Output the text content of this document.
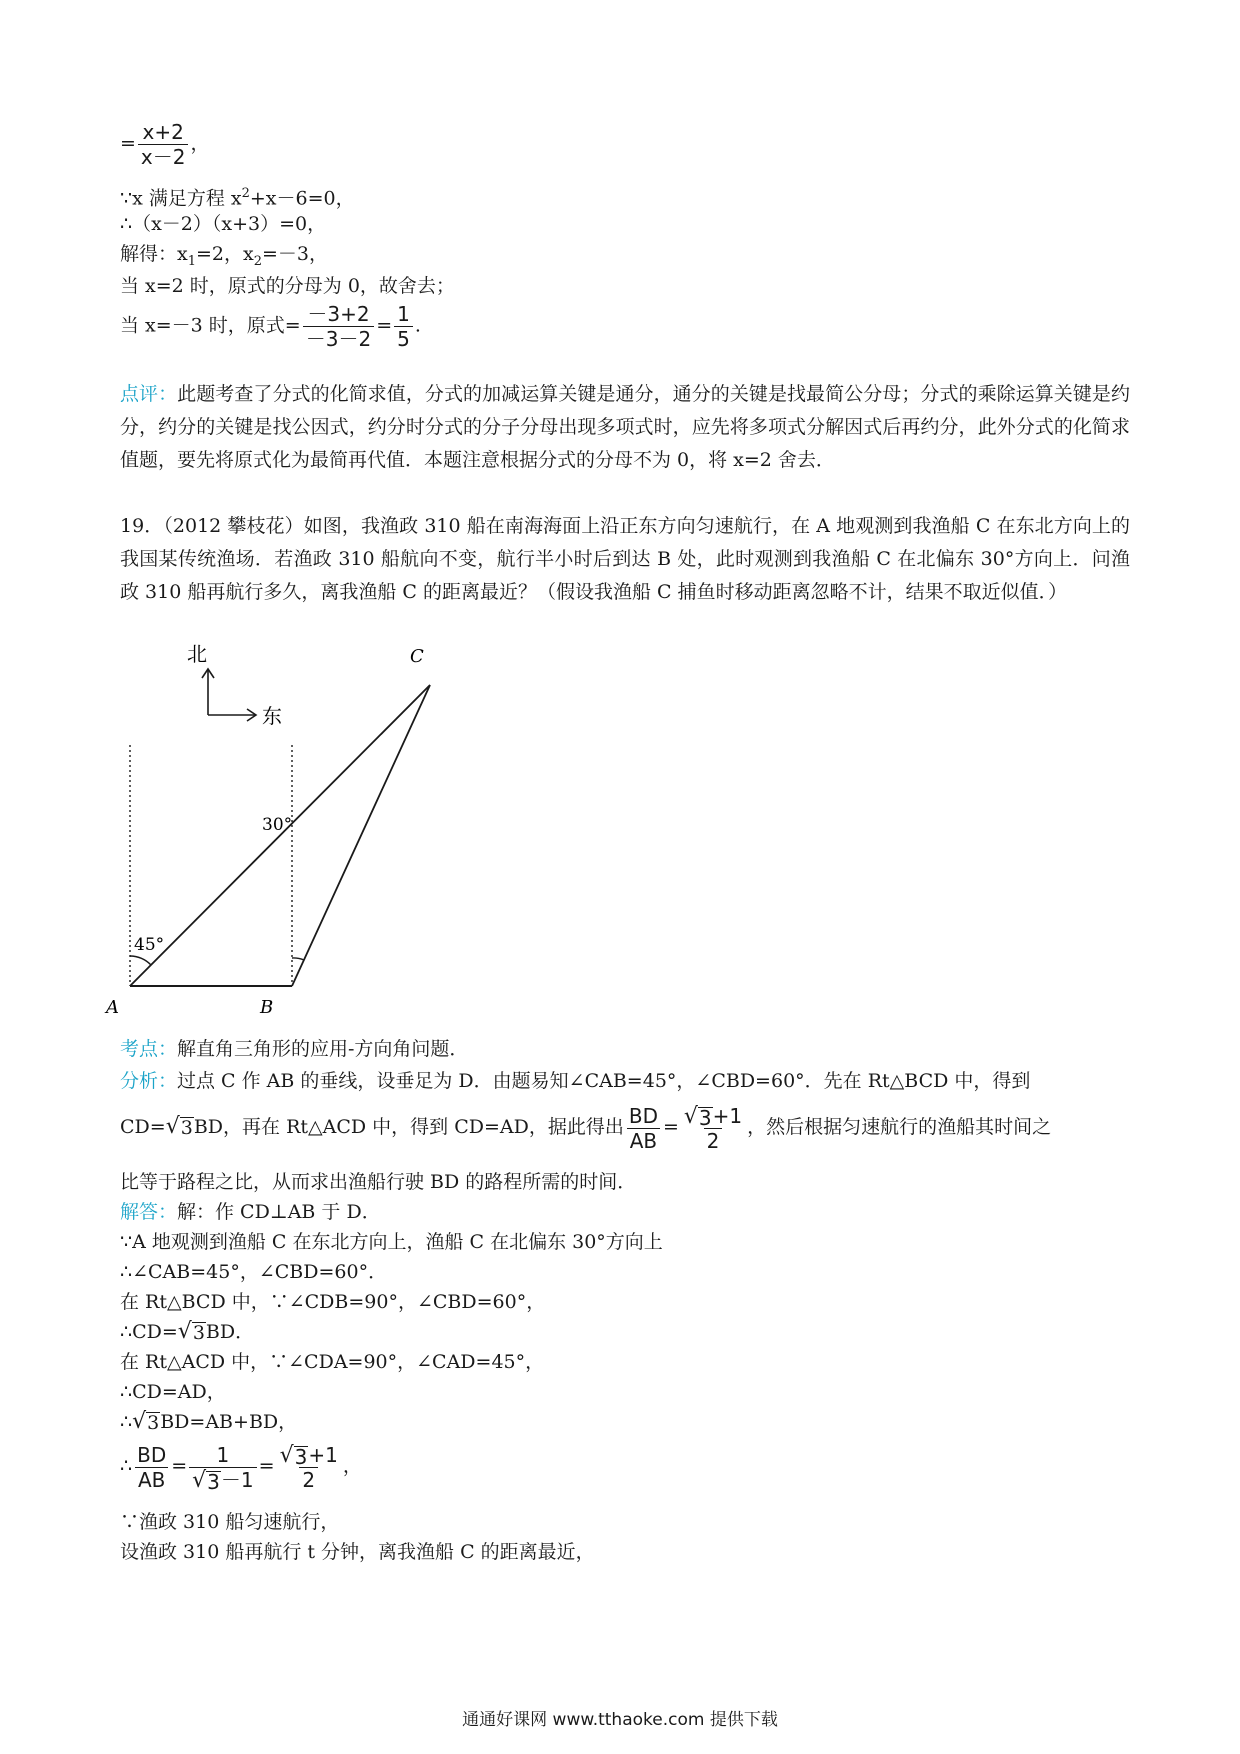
= $\frac{x+2}{x-2}$ ，
∵x 满足方程 $x^2+x-6=0$，
∴（x－2）（x+3）=0，
解得：$x_1=2$，$x_2=-3$，
当 x=2 时，原式的分母为 0，故舍去；
当 x=－3 时，原式= $\frac{-3+2}{-3-2} = \frac{1}{5}$ .
点评：此题考查了分式的化简求值，分式的加减运算关键是通分，通分的关键是找最简公分母；分式的乘除运算关键是约分，约分的关键是找公因式，约分时分式的分子分母出现多项式时，应先将多项式分解因式后再约分，此外分式的化简求值题，要先将原式化为最简再代值．本题注意根据分式的分母不为 0，将 x=2 舍去．
19．（2012 攀枝花）如图，我渔政 310 船在南海海面上沿正东方向匀速航行，在 A 地观测到我渔船 C 在东北方向上的我国某传统渔场．若渔政 310 船航向不变，航行半小时后到达 B 处，此时观测到我渔船 C 在北偏东 30°方向上．问渔政 310 船再航行多久，离我渔船 C 的距离最近？（假设我渔船 C 捕鱼时移动距离忽略不计，结果不取近似值．）
北
东
45°
30°
A	B
C
考点：解直角三角形的应用-方向角问题．
分析：过点 C 作 AB 的垂线，设垂足为 D．由题易知∠CAB=45°，∠CBD=60°．先在 Rt△BCD 中，得到
CD= √ 3 BD，再在 Rt△ACD 中，得到 CD=AD，据此得出 $\frac{BD}{AB} = \frac{√ 3 +1}{2}$ ，然后根据匀速航行的渔船其时间之
比等于路程之比，从而求出渔船行驶 BD 的路程所需的时间．
解答：解：作 CD⊥AB 于 D．
∵A 地观测到渔船 C 在东北方向上，渔船 C 在北偏东 30°方向上
∴∠CAB=45°，∠CBD=60°．
在 Rt△BCD 中，∵∠CDB=90°，∠CBD=60°，
∴CD= √ 3 BD．
在 Rt△ACD 中，∵∠CDA=90°，∠CAD=45°，
∴CD=AD，
∴ √ 3 BD=AB+BD，
∴ $\frac{BD}{AB} = \frac{1}{√ 3 -1} = \frac{√ 3 +1}{2}$ ，
∵渔政 310 船匀速航行，
设渔政 310 船再航行 t 分钟，离我渔船 C 的距离最近，
通通好课网 www.tthaoke.com 提供下载
